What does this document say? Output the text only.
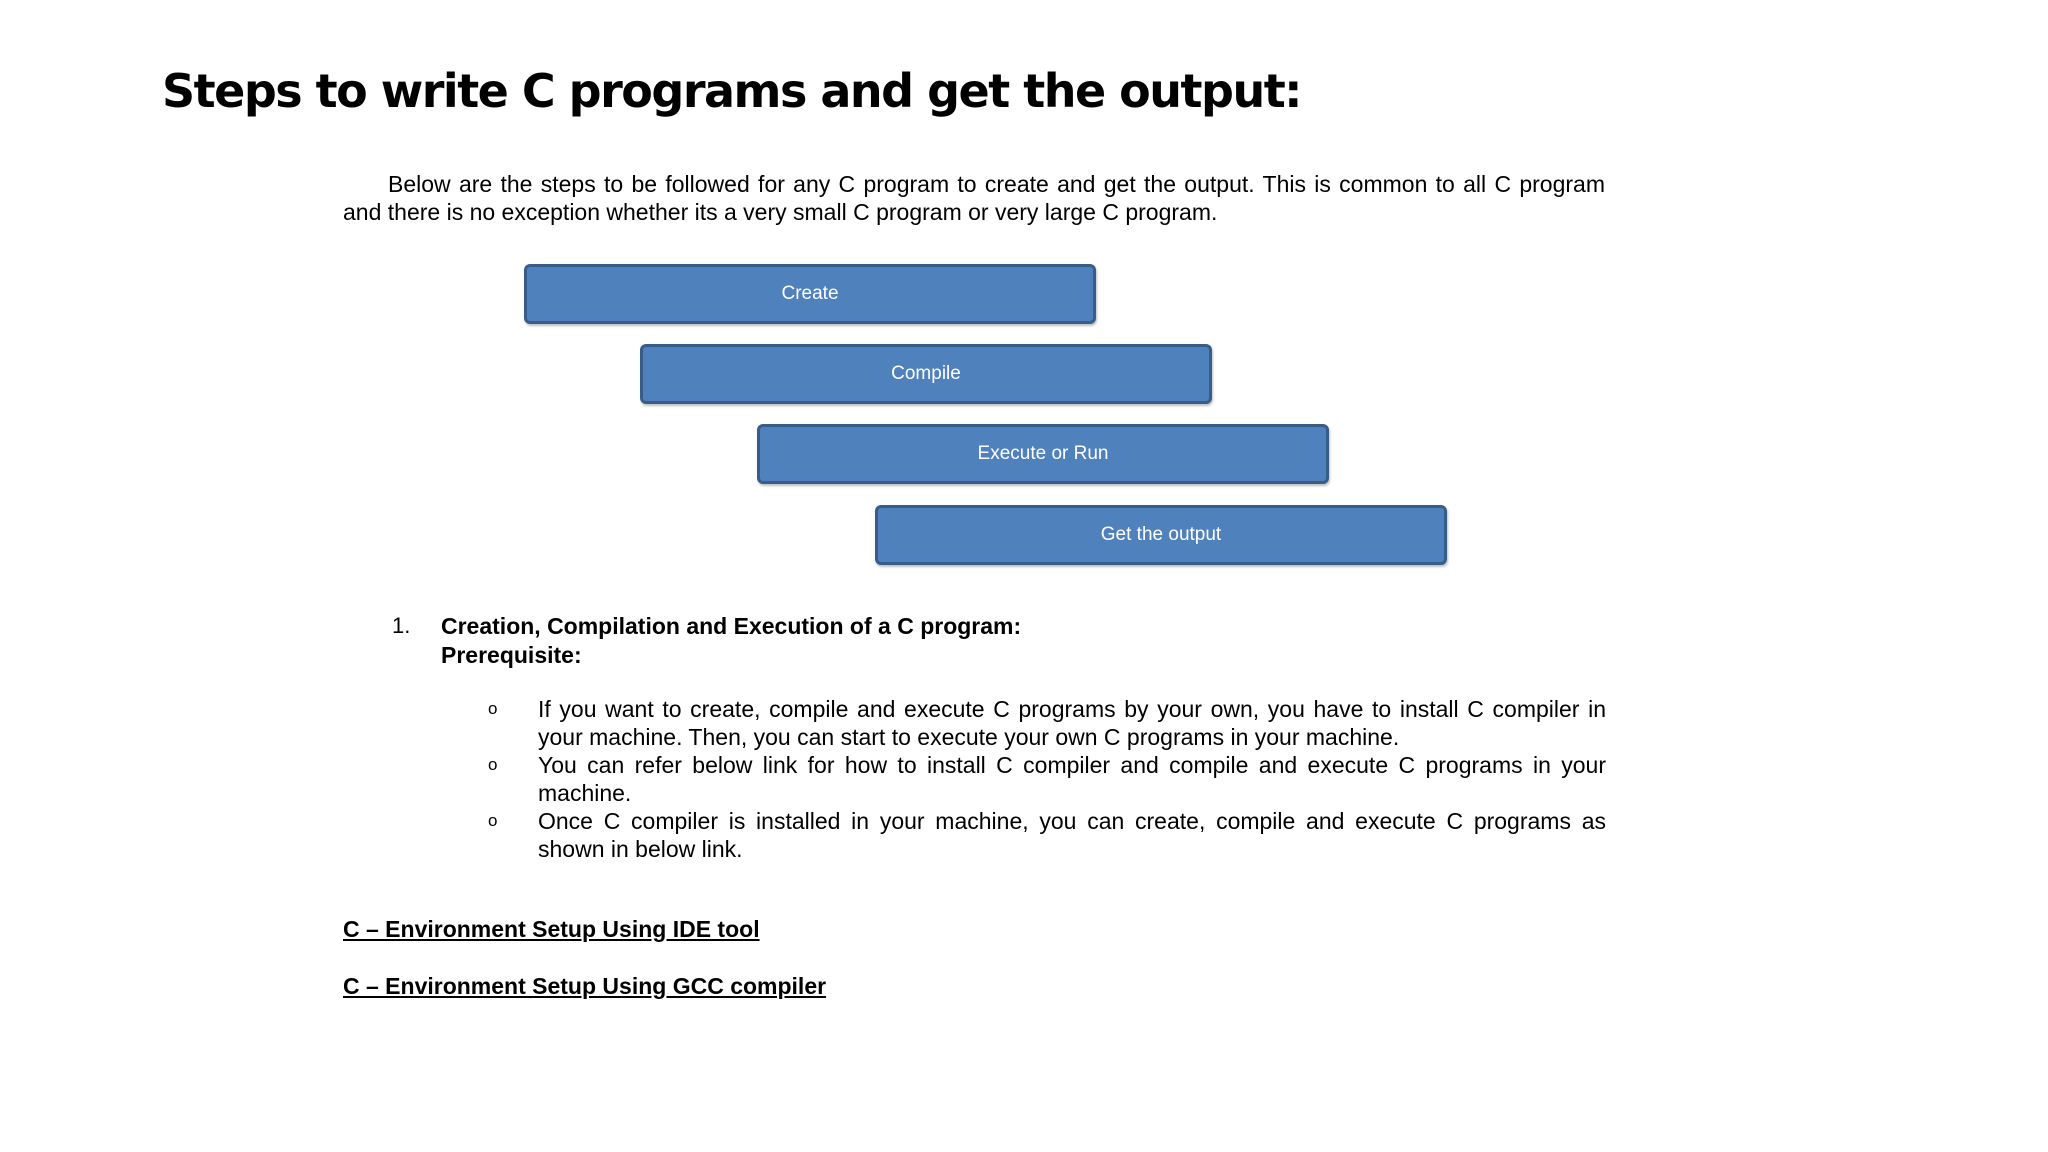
Steps to write C programs and get the output:

Below are the steps to be followed for any C program to create and get the output. This is common to all C program and there is no exception whether its a very small C program or very large C program.

Create
Compile
Execute or Run
Get the output
1. Creation, Compilation and Execution of a C program:
Prerequisite:
o If you want to create, compile and execute C programs by your own, you have to install C compiler in your machine. Then, you can start to execute your own C programs in your machine.
o You can refer below link for how to install C compiler and compile and execute C programs in your machine.
o Once C compiler is installed in your machine, you can create, compile and execute C programs as shown in below link.
C – Environment Setup Using IDE tool
C – Environment Setup Using GCC compiler
